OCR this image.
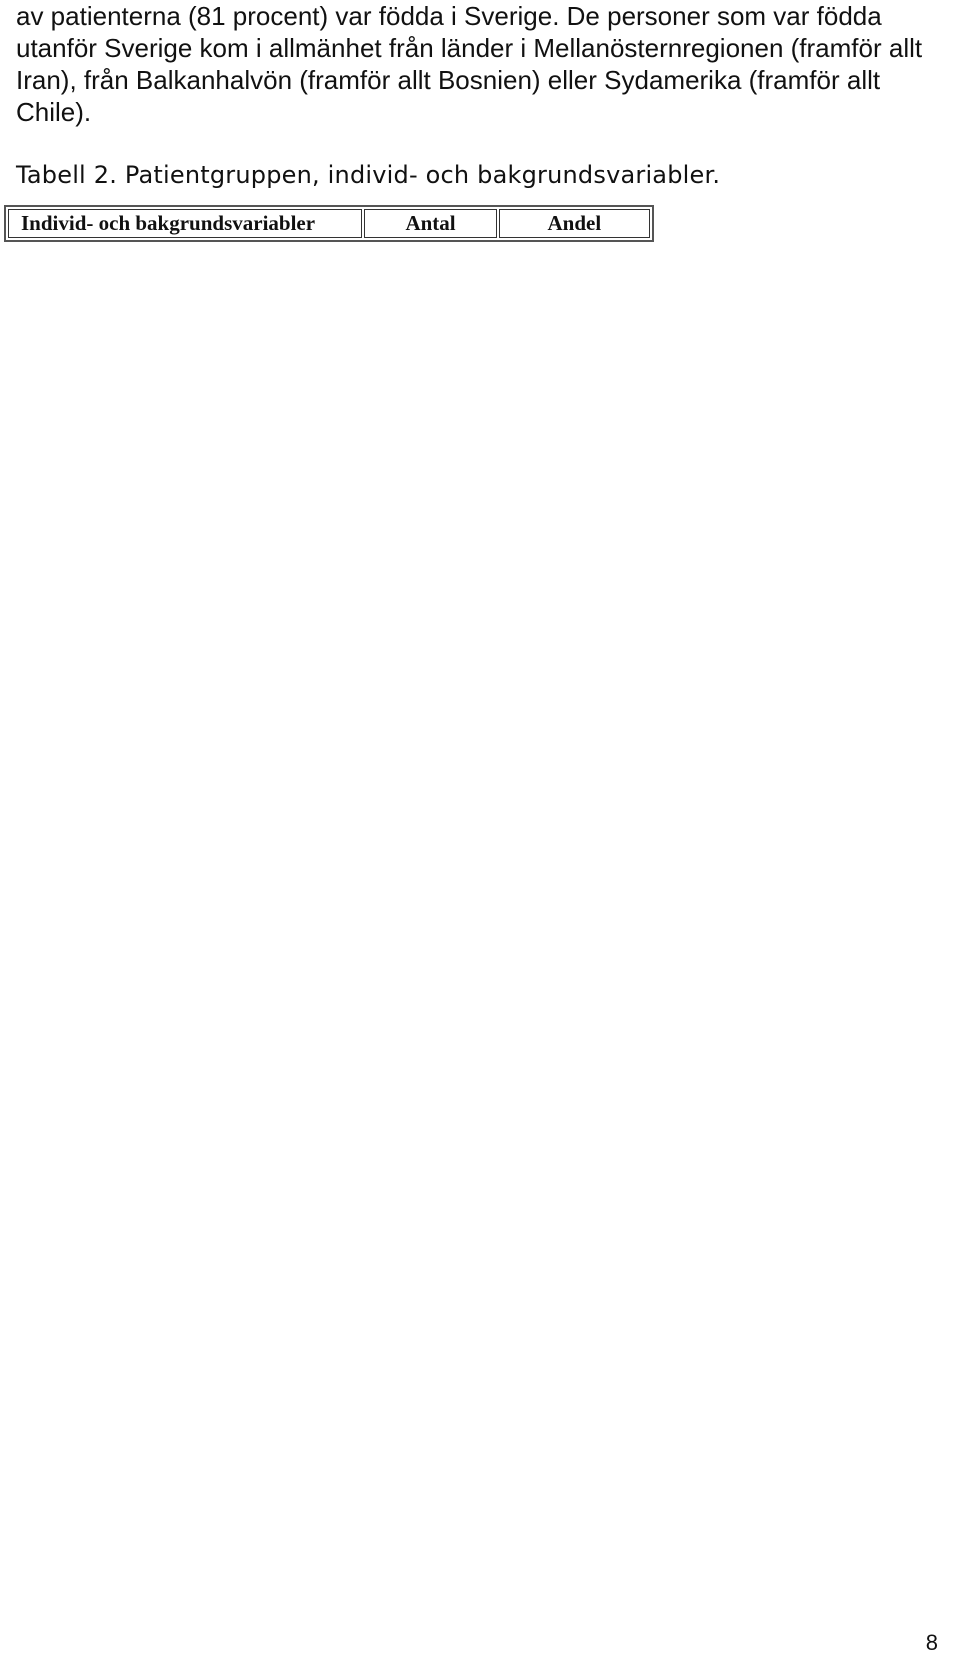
av patienterna (81 procent) var födda i Sverige. De personer som var födda
utanför Sverige kom i allmänhet från länder i Mellanösternregionen (framför allt
Iran), från Balkanhalvön (framför allt Bosnien) eller Sydamerika (framför allt
Chile).

Tabell 2. Patientgruppen, individ- och bakgrundsvariabler.

Individ- och bakgrundsvariabler	Antal	Andel
8
